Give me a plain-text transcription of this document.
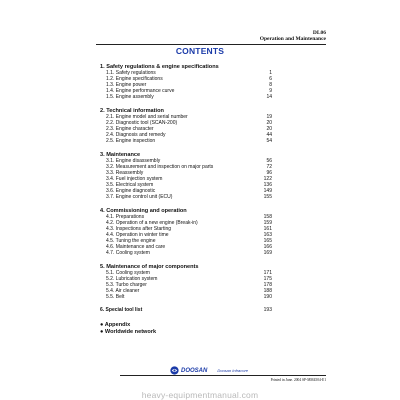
DL06
Operation and Maintenance
CONTENTS
1. Safety regulations & engine specifications
1.1. Safety regulations	1
1.2. Engine specifications	6
1.3. Engine power	8
1.4. Engine performance curve	9
1.5. Engine assembly	14
2. Technical information
2.1. Engine model and serial number	19
2.2. Diagnostic tool (SCAN-200)	20
2.3. Engine character	20
2.4. Diagnosis and remedy	44
2.5. Engine inspection	54
3. Maintenance
3.1. Engine disassembly	56
3.2. Measurement and inspection on major parts	72
3.3. Reassembly	96
3.4. Fuel injection system	122
3.5. Electrical system	136
3.6. Engine diagnostic	149
3.7. Engine control unit (ECU)	155
4. Commissioning and operation
4.1. Preparations	158
4.2. Operation of a new engine (Break-in)	159
4.3. Inspections after Starting	161
4.4. Operation in winter time	163
4.5. Tuning the engine	165
4.6. Maintenance and care	166
4.7. Cooling system	169
5. Maintenance of major components
5.1. Cooling system	171
5.2. Lubrication system	175
5.3. Turbo charger	178
5.4. Air cleaner	188
5.5. Belt	190
6. Special tool list	193
● Appendix
● Worldwide network
DOOSAN	Doosan Infracore
Printed in June. 2004 SP-MM4504-E1
heavy-equipmentmanual.com
